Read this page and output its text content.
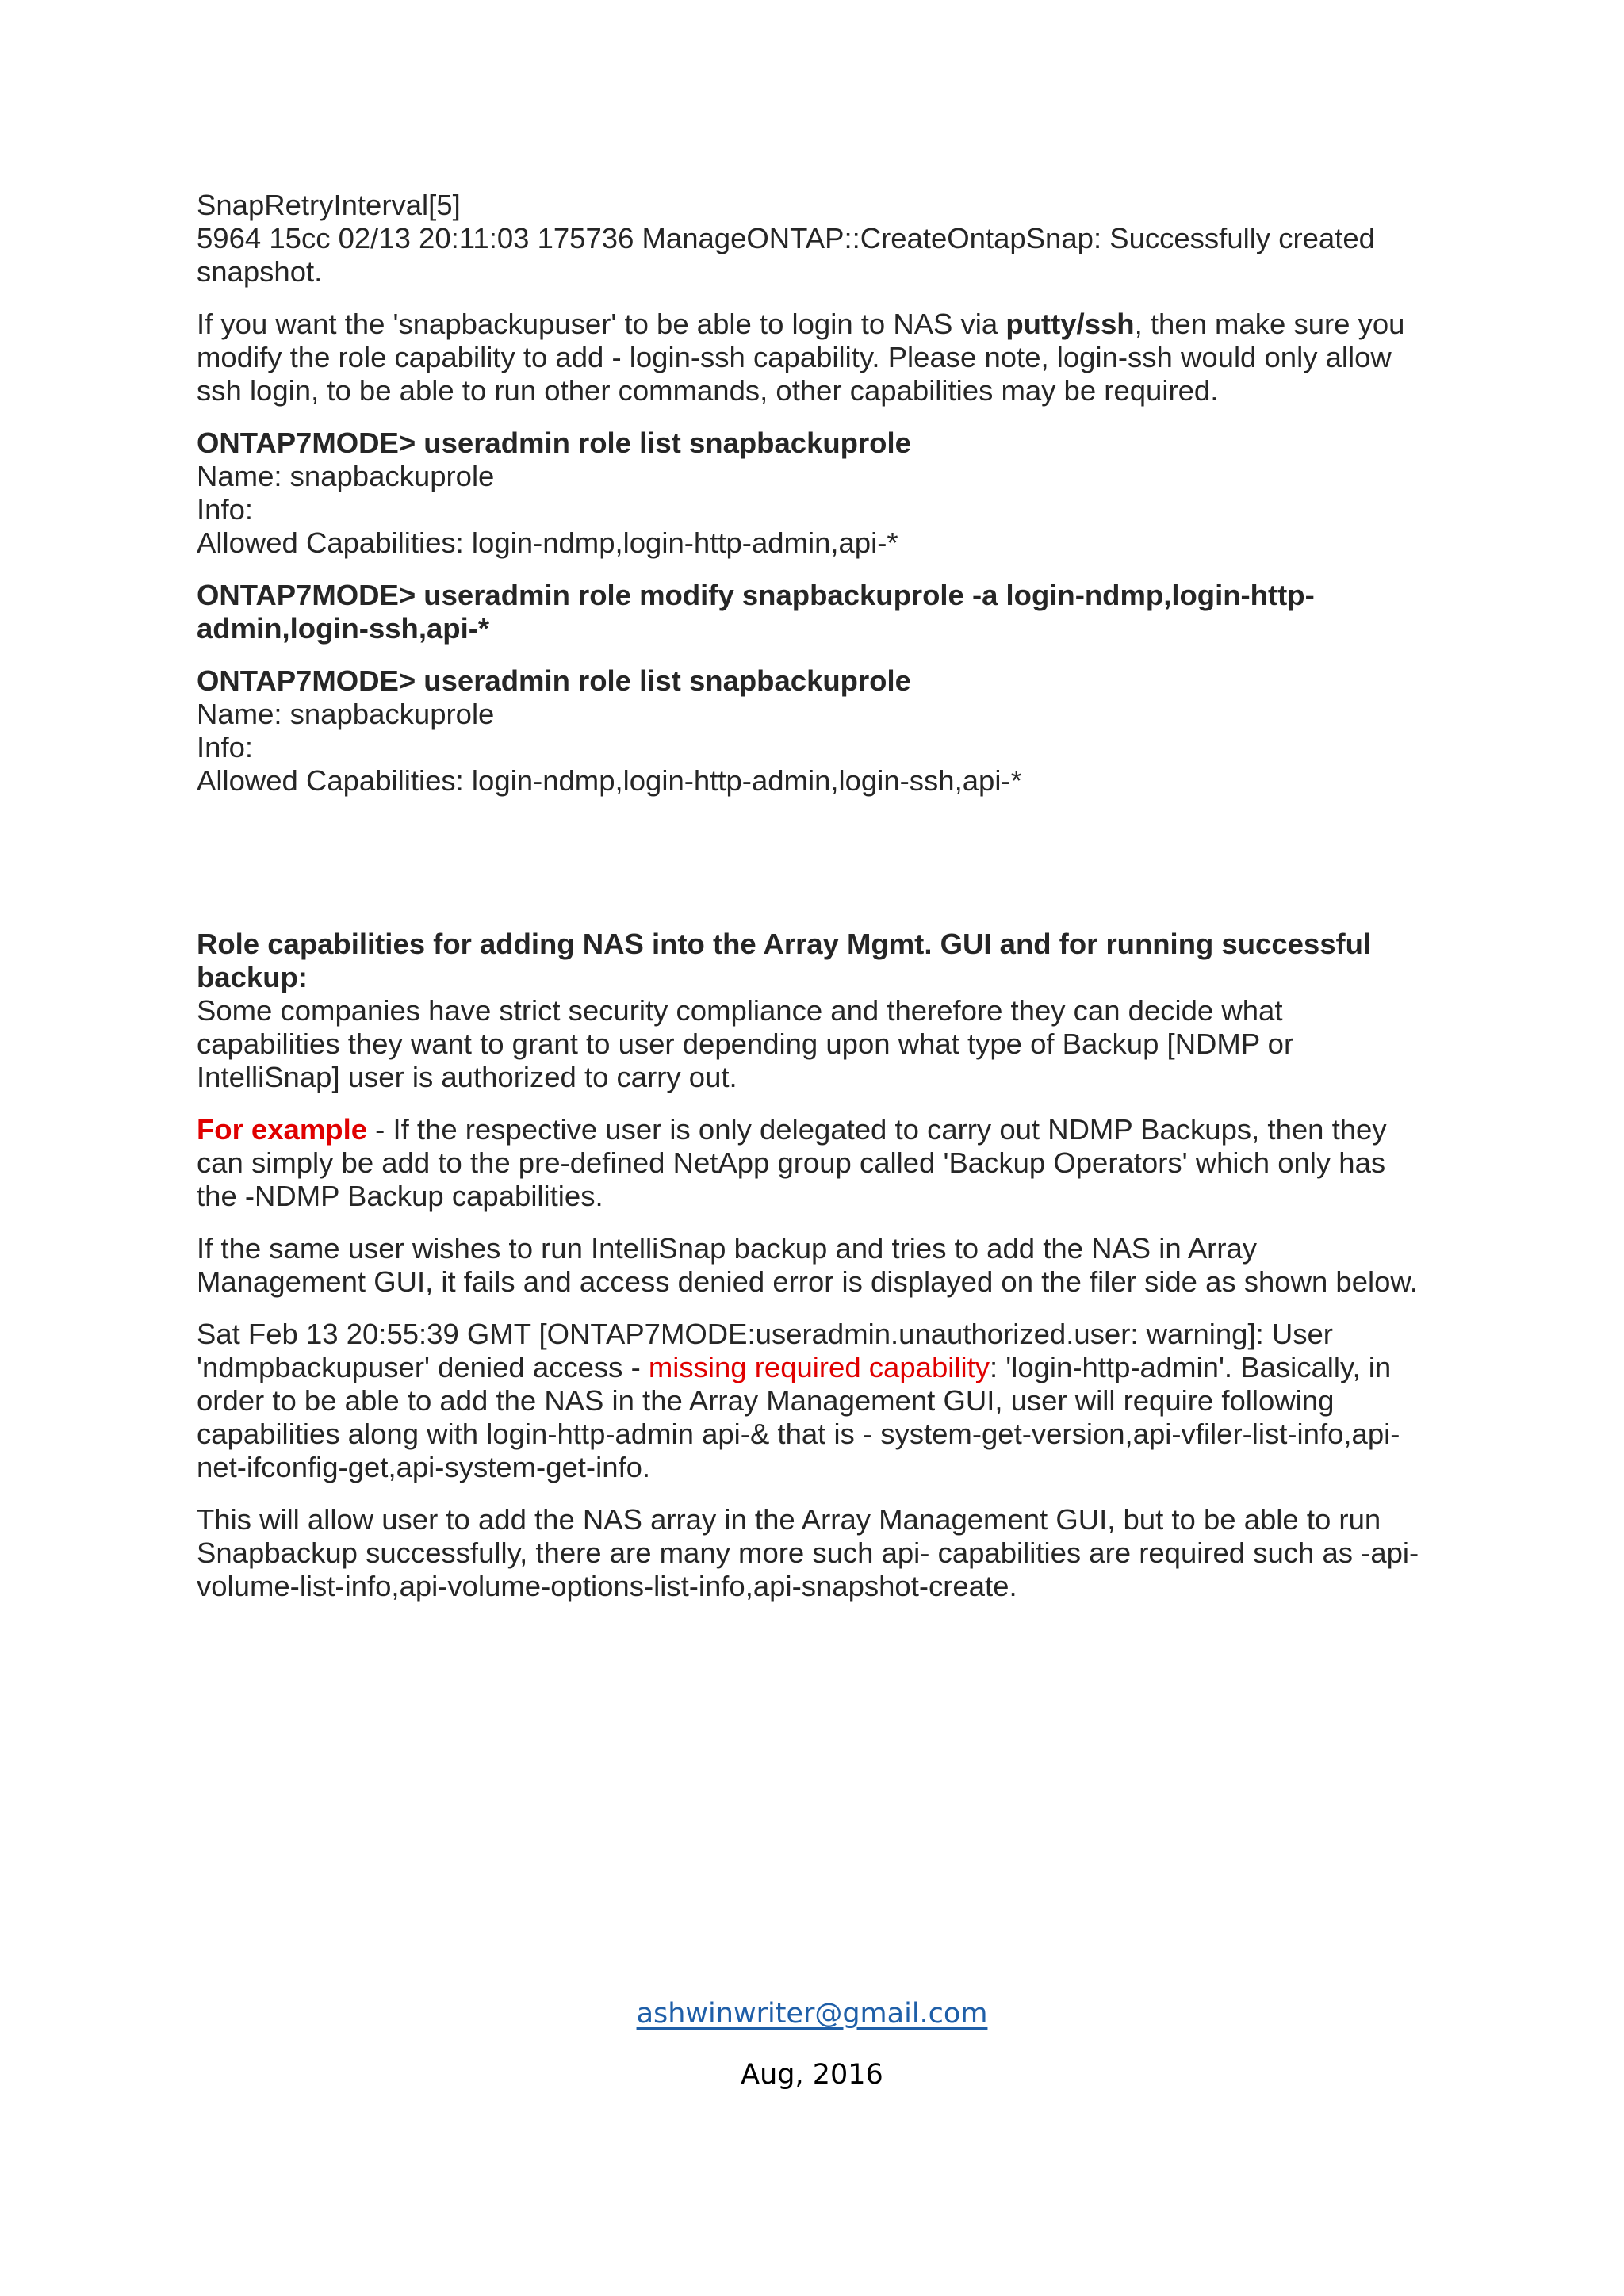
SnapRetryInterval[5]
5964 15cc 02/13 20:11:03 175736 ManageONTAP::CreateOntapSnap: Successfully created snapshot.

If you want the 'snapbackupuser' to be able to login to NAS via putty/ssh, then make sure you modify the role capability to add - login-ssh capability. Please note, login-ssh would only allow ssh login, to be able to run other commands, other capabilities may be required.

ONTAP7MODE> useradmin role list snapbackuprole
Name: snapbackuprole
Info:
Allowed Capabilities: login-ndmp,login-http-admin,api-*

ONTAP7MODE> useradmin role modify snapbackuprole -a login-ndmp,login-http-admin,login-ssh,api-*

ONTAP7MODE> useradmin role list snapbackuprole
Name: snapbackuprole
Info:
Allowed Capabilities: login-ndmp,login-http-admin,login-ssh,api-*

Role capabilities for adding NAS into the Array Mgmt. GUI and for running successful backup:
Some companies have strict security compliance and therefore they can decide what capabilities they want to grant to user depending upon what type of Backup [NDMP or IntelliSnap] user is authorized to carry out.

For example - If the respective user is only delegated to carry out NDMP Backups, then they can simply be add to the pre-defined NetApp group called 'Backup Operators' which only has the -NDMP Backup capabilities.

If the same user wishes to run IntelliSnap backup and tries to add the NAS in Array Management GUI, it fails and access denied error is displayed on the filer side as shown below.

Sat Feb 13 20:55:39 GMT [ONTAP7MODE:useradmin.unauthorized.user: warning]: User 'ndmpbackupuser' denied access - missing required capability: 'login-http-admin'. Basically, in order to be able to add the NAS in the Array Management GUI, user will require following capabilities along with login-http-admin api-& that is - system-get-version,api-vfiler-list-info,api-net-ifconfig-get,api-system-get-info.

This will allow user to add the NAS array in the Array Management GUI, but to be able to run Snapbackup successfully, there are many more such api- capabilities are required such as -api-volume-list-info,api-volume-options-list-info,api-snapshot-create.

ashwinwriter@gmail.com
Aug, 2016
